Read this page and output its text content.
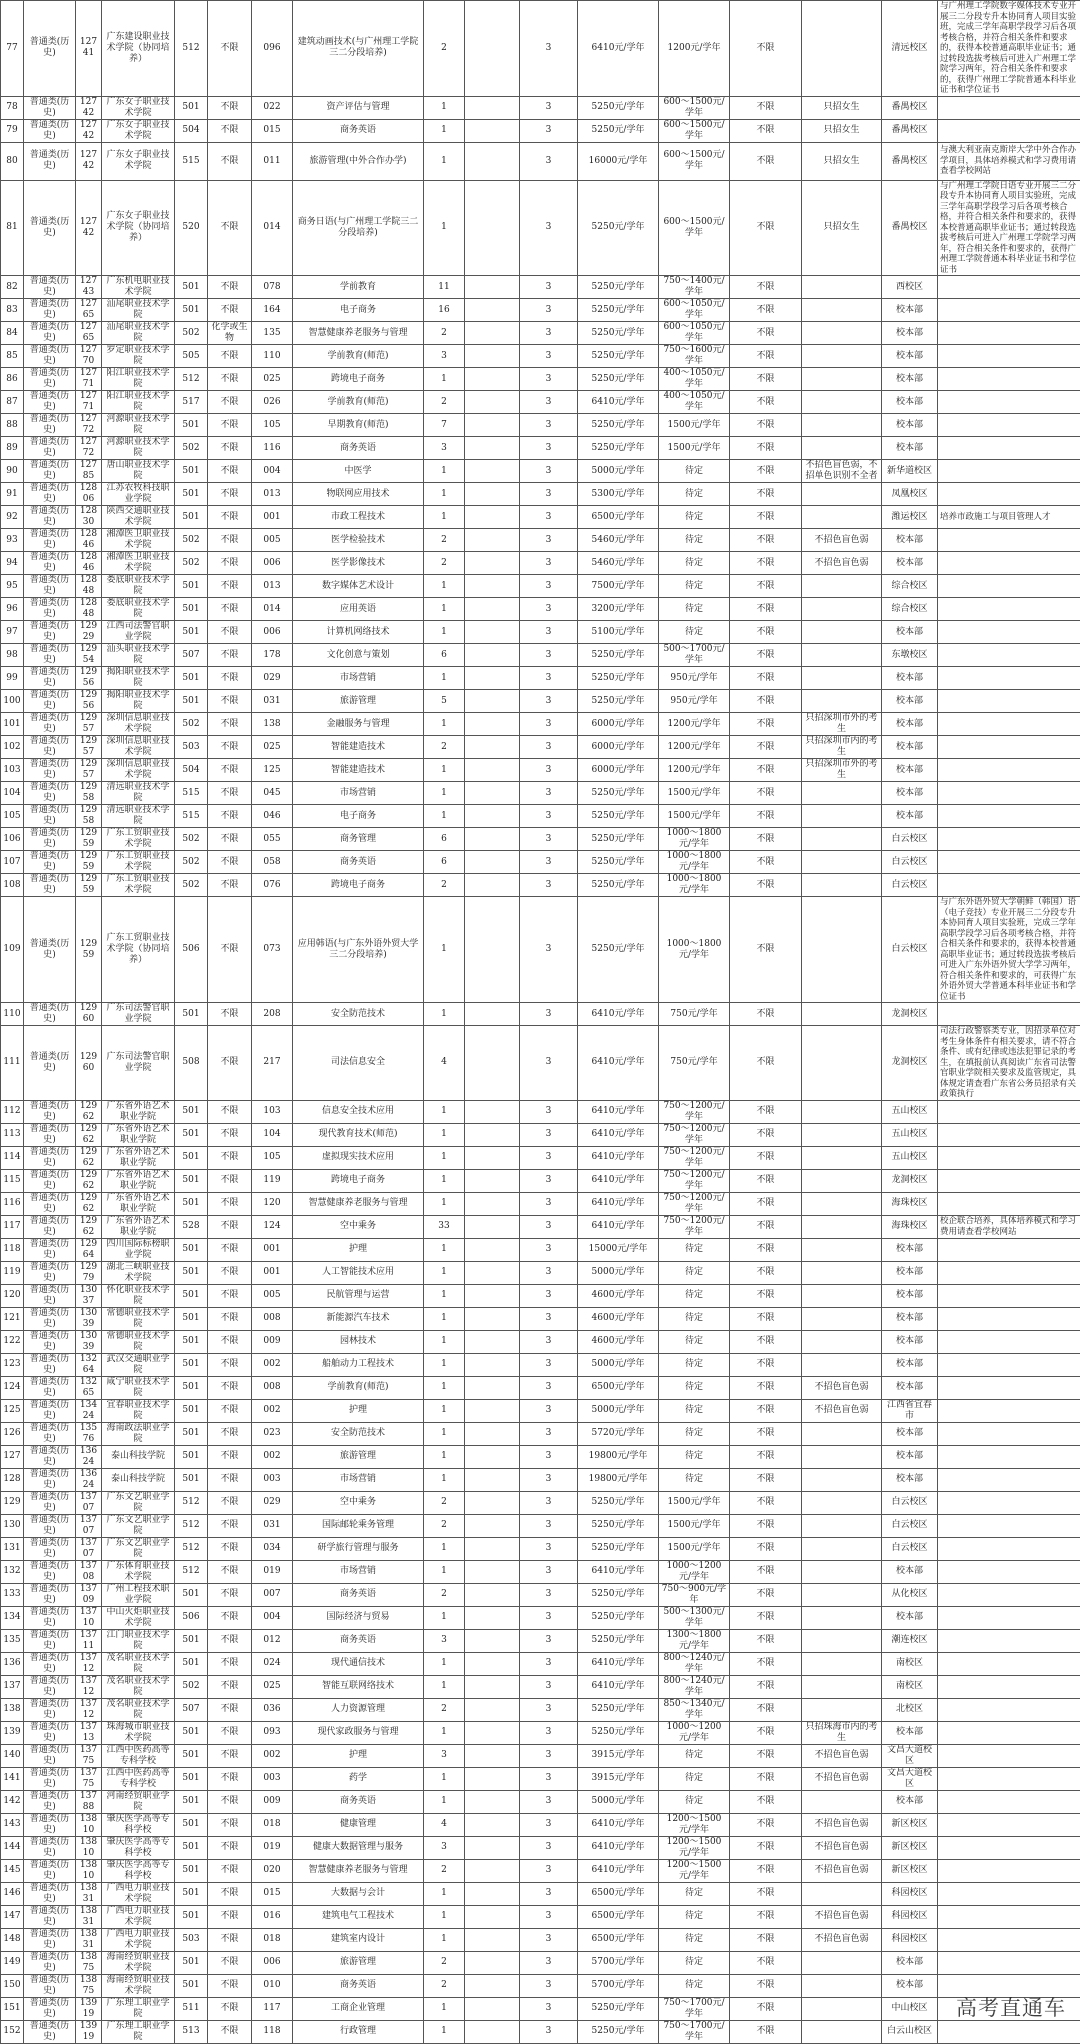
77	普通类(历史)	12741	广东建设职业技术学院（协同培养）	512	不限	096	建筑动画技术(与广州理工学院三二分段培养)	2		3	6410元/学年	1200元/学年	不限		清远校区	与广州理工学院数字媒体技术专业开展三二分段专升本协同育人项目实验班，完成三学年高职学段学习后各项考核合格，并符合相关条件和要求的，获得本校普通高职毕业证书；通过转段选拔考核后可进入广州理工学院学习两年，符合相关条件和要求的，获得广州理工学院普通本科毕业证书和学位证书
78	普通类(历史)	12742	广东女子职业技术学院	501	不限	022	资产评估与管理	1		3	5250元/学年	600～1500元/学年	不限	只招女生	番禺校区	
79	普通类(历史)	12742	广东女子职业技术学院	504	不限	015	商务英语	1		3	5250元/学年	600～1500元/学年	不限	只招女生	番禺校区	
80	普通类(历史)	12742	广东女子职业技术学院	515	不限	011	旅游管理(中外合作办学)	1		3	16000元/学年	600～1500元/学年	不限	只招女生	番禺校区	与澳大利亚南克斯岸大学中外合作办学项目，具体培养模式和学习费用请查看学校网站
81	普通类(历史)	12742	广东女子职业技术学院（协同培养）	520	不限	014	商务日语(与广州理工学院三二分段培养)	1		3	5250元/学年	600～1500元/学年	不限	只招女生	番禺校区	与广州理工学院日语专业开展三二分段专升本协同育人项目实验班，完成三学年高职学段学习后各项考核合格，并符合相关条件和要求的，获得本校普通高职毕业证书；通过转段选拔考核后可进入广州理工学院学习两年，符合相关条件和要求的，获得广州理工学院普通本科毕业证书和学位证书
82	普通类(历史)	12743	广东机电职业技术学院	501	不限	078	学前教育	11		3	5250元/学年	750～1400元/学年	不限		西校区	
83	普通类(历史)	12765	汕尾职业技术学院	501	不限	164	电子商务	16		3	5250元/学年	600～1050元/学年	不限		校本部	
84	普通类(历史)	12765	汕尾职业技术学院	502	化学或生物	135	智慧健康养老服务与管理	2		3	5250元/学年	600～1050元/学年	不限		校本部	
85	普通类(历史)	12770	罗定职业技术学院	505	不限	110	学前教育(师范)	3		3	5250元/学年	750～1600元/学年	不限		校本部	
86	普通类(历史)	12771	阳江职业技术学院	512	不限	025	跨境电子商务	1		3	5250元/学年	400～1050元/学年	不限		校本部	
87	普通类(历史)	12771	阳江职业技术学院	517	不限	026	学前教育(师范)	2		3	6410元/学年	400～1050元/学年	不限		校本部	
88	普通类(历史)	12772	河源职业技术学院	501	不限	105	早期教育(师范)	7		3	5250元/学年	1500元/学年	不限		校本部	
89	普通类(历史)	12772	河源职业技术学院	502	不限	116	商务英语	3		3	5250元/学年	1500元/学年	不限		校本部	
90	普通类(历史)	12785	唐山职业技术学院	501	不限	004	中医学	1		3	5000元/学年	待定	不限	不招色盲色弱，不招单色识别不全者	新华道校区	
91	普通类(历史)	12806	江苏农牧科技职业学院	501	不限	013	物联网应用技术	1		3	5300元/学年	待定	不限		凤凰校区	
92	普通类(历史)	12830	陕西交通职业技术学院	501	不限	001	市政工程技术	1		3	6500元/学年	待定	不限		潍运校区	培养市政施工与项目管理人才
93	普通类(历史)	12846	湘潭医卫职业技术学院	502	不限	005	医学检验技术	2		3	5460元/学年	待定	不限	不招色盲色弱	校本部	
94	普通类(历史)	12846	湘潭医卫职业技术学院	502	不限	006	医学影像技术	2		3	5460元/学年	待定	不限	不招色盲色弱	校本部	
95	普通类(历史)	12848	娄底职业技术学院	501	不限	013	数字媒体艺术设计	1		3	7500元/学年	待定	不限		综合校区	
96	普通类(历史)	12848	娄底职业技术学院	501	不限	014	应用英语	1		3	3200元/学年	待定	不限		综合校区	
97	普通类(历史)	12929	江西司法警官职业学院	501	不限	006	计算机网络技术	1		3	5100元/学年	待定	不限		校本部	
98	普通类(历史)	12954	汕头职业技术学院	507	不限	178	文化创意与策划	6		3	5250元/学年	500～1700元/学年	不限		东墩校区	
99	普通类(历史)	12956	揭阳职业技术学院	501	不限	029	市场营销	1		3	5250元/学年	950元/学年	不限		校本部	
100	普通类(历史)	12956	揭阳职业技术学院	501	不限	031	旅游管理	5		3	5250元/学年	950元/学年	不限		校本部	
101	普通类(历史)	12957	深圳信息职业技术学院	502	不限	138	金融服务与管理	1		3	6000元/学年	1200元/学年	不限	只招深圳市外的考生	校本部	
102	普通类(历史)	12957	深圳信息职业技术学院	503	不限	025	智能建造技术	2		3	6000元/学年	1200元/学年	不限	只招深圳市内的考生	校本部	
103	普通类(历史)	12957	深圳信息职业技术学院	504	不限	125	智能建造技术	1		3	6000元/学年	1200元/学年	不限	只招深圳市外的考生	校本部	
104	普通类(历史)	12958	清远职业技术学院	515	不限	045	市场营销	1		3	5250元/学年	1500元/学年	不限		校本部	
105	普通类(历史)	12958	清远职业技术学院	515	不限	046	电子商务	1		3	5250元/学年	1500元/学年	不限		校本部	
106	普通类(历史)	12959	广东工贸职业技术学院	502	不限	055	商务管理	6		3	5250元/学年	1000～1800元/学年	不限		白云校区	
107	普通类(历史)	12959	广东工贸职业技术学院	502	不限	058	商务英语	6		3	5250元/学年	1000～1800元/学年	不限		白云校区	
108	普通类(历史)	12959	广东工贸职业技术学院	502	不限	076	跨境电子商务	2		3	5250元/学年	1000～1800元/学年	不限		白云校区	
109	普通类(历史)	12959	广东工贸职业技术学院（协同培养）	506	不限	073	应用韩语(与广东外语外贸大学三二分段培养)	1		3	5250元/学年	1000～1800元/学年	不限		白云校区	与广东外语外贸大学朝鲜（韩国）语（电子竞技）专业开展三二分段专升本协同育人项目实验班，完成三学年高职学段学习后各项考核合格，并符合相关条件和要求的，获得本校普通高职毕业证书；通过转段选拔考核后可进入广东外语外贸大学学习两年，符合相关条件和要求的，可获得广东外语外贸大学普通本科毕业证书和学位证书
110	普通类(历史)	12960	广东司法警官职业学院	501	不限	208	安全防范技术	1		3	6410元/学年	750元/学年	不限		龙洞校区	
111	普通类(历史)	12960	广东司法警官职业学院	508	不限	217	司法信息安全	4		3	6410元/学年	750元/学年	不限		龙洞校区	司法行政警察类专业，因招录单位对考生身体条件有相关要求，请不符合条件、或有纪律或违法犯罪记录的考生，在填报前认真阅读广东省司法警官职业学院相关要求及监管规定，具体规定请查看广东省公务员招录有关政策执行
112	普通类(历史)	12962	广东省外语艺术职业学院	501	不限	103	信息安全技术应用	1		3	6410元/学年	750～1200元/学年	不限		五山校区	
113	普通类(历史)	12962	广东省外语艺术职业学院	501	不限	104	现代教育技术(师范)	1		3	6410元/学年	750～1200元/学年	不限		五山校区	
114	普通类(历史)	12962	广东省外语艺术职业学院	501	不限	105	虚拟现实技术应用	1		3	6410元/学年	750～1200元/学年	不限		五山校区	
115	普通类(历史)	12962	广东省外语艺术职业学院	501	不限	119	跨境电子商务	1		3	6410元/学年	750～1200元/学年	不限		龙洞校区	
116	普通类(历史)	12962	广东省外语艺术职业学院	501	不限	120	智慧健康养老服务与管理	1		3	6410元/学年	750～1200元/学年	不限		海珠校区	
117	普通类(历史)	12962	广东省外语艺术职业学院	528	不限	124	空中乘务	33		3	6410元/学年	750～1200元/学年	不限		海珠校区	校企联合培养，具体培养模式和学习费用请查看学校网站
118	普通类(历史)	12964	四川国际标榜职业学院	501	不限	001	护理	1		3	15000元/学年	待定	不限		校本部	
119	普通类(历史)	12979	湖北三峡职业技术学院	501	不限	001	人工智能技术应用	1		3	5000元/学年	待定	不限		校本部	
120	普通类(历史)	13037	怀化职业技术学院	501	不限	005	民航管理与运营	1		3	4600元/学年	待定	不限		校本部	
121	普通类(历史)	13039	常德职业技术学院	501	不限	008	新能源汽车技术	1		3	4600元/学年	待定	不限		校本部	
122	普通类(历史)	13039	常德职业技术学院	501	不限	009	园林技术	1		3	4600元/学年	待定	不限		校本部	
123	普通类(历史)	13264	武汉交通职业学院	501	不限	002	船舶动力工程技术	1		3	5000元/学年	待定	不限		校本部	
124	普通类(历史)	13265	咸宁职业技术学院	501	不限	008	学前教育(师范)	1		3	6500元/学年	待定	不限	不招色盲色弱	校本部	
125	普通类(历史)	13424	宜春职业技术学院	501	不限	002	护理	1		3	5000元/学年	待定	不限	不招色盲色弱	江西省宜春市	
126	普通类(历史)	13576	海南政法职业学院	501	不限	023	安全防范技术	1		3	5720元/学年	待定	不限		校本部	
127	普通类(历史)	13624	泰山科技学院	501	不限	002	旅游管理	1		3	19800元/学年	待定	不限		校本部	
128	普通类(历史)	13624	泰山科技学院	501	不限	003	市场营销	1		3	19800元/学年	待定	不限		校本部	
129	普通类(历史)	13707	广东文艺职业学院	512	不限	029	空中乘务	2		3	5250元/学年	1500元/学年	不限		白云校区	
130	普通类(历史)	13707	广东文艺职业学院	512	不限	031	国际邮轮乘务管理	2		3	5250元/学年	1500元/学年	不限		白云校区	
131	普通类(历史)	13707	广东文艺职业学院	512	不限	034	研学旅行管理与服务	1		3	5250元/学年	1500元/学年	不限		白云校区	
132	普通类(历史)	13708	广东体育职业技术学院	512	不限	019	市场营销	1		3	6410元/学年	1000～1200元/学年	不限		校本部	
133	普通类(历史)	13709	广州工程技术职业学院	501	不限	007	商务英语	2		3	5250元/学年	750～900元/学年	不限		从化校区	
134	普通类(历史)	13710	中山火炬职业技术学院	506	不限	004	国际经济与贸易	1		3	5250元/学年	500～1300元/学年	不限		校本部	
135	普通类(历史)	13711	江门职业技术学院	501	不限	012	商务英语	3		3	5250元/学年	1300～1800元/学年	不限		潮连校区	
136	普通类(历史)	13712	茂名职业技术学院	501	不限	024	现代通信技术	1		3	6410元/学年	800～1240元/学年	不限		南校区	
137	普通类(历史)	13712	茂名职业技术学院	502	不限	025	智能互联网络技术	1		3	6410元/学年	800～1240元/学年	不限		南校区	
138	普通类(历史)	13712	茂名职业技术学院	507	不限	036	人力资源管理	2		3	5250元/学年	850～1340元/学年	不限		北校区	
139	普通类(历史)	13713	珠海城市职业技术学院	501	不限	093	现代家政服务与管理	1		3	5250元/学年	1000～1200元/学年	不限	只招珠海市内的考生	校本部	
140	普通类(历史)	13775	江西中医药高等专科学校	501	不限	002	护理	3		3	3915元/学年	待定	不限	不招色盲色弱	文昌大道校区	
141	普通类(历史)	13775	江西中医药高等专科学校	501	不限	003	药学	1		3	3915元/学年	待定	不限	不招色盲色弱	文昌大道校区	
142	普通类(历史)	13788	河南经贸职业学院	501	不限	009	商务英语	1		3	5000元/学年	待定	不限		校本部	
143	普通类(历史)	13810	肇庆医学高等专科学校	501	不限	018	健康管理	4		3	6410元/学年	1200～1500元/学年	不限	不招色盲色弱	新区校区	
144	普通类(历史)	13810	肇庆医学高等专科学校	501	不限	019	健康大数据管理与服务	3		3	6410元/学年	1200～1500元/学年	不限	不招色盲色弱	新区校区	
145	普通类(历史)	13810	肇庆医学高等专科学校	501	不限	020	智慧健康养老服务与管理	2		3	6410元/学年	1200～1500元/学年	不限	不招色盲色弱	新区校区	
146	普通类(历史)	13831	广西电力职业技术学院	501	不限	015	大数据与会计	1		3	6500元/学年	待定	不限		科园校区	
147	普通类(历史)	13831	广西电力职业技术学院	501	不限	016	建筑电气工程技术	1		3	6500元/学年	待定	不限	不招色盲色弱	科园校区	
148	普通类(历史)	13831	广西电力职业技术学院	503	不限	018	建筑室内设计	1		3	6500元/学年	待定	不限	不招色盲色弱	科园校区	
149	普通类(历史)	13875	海南经贸职业技术学院	501	不限	006	旅游管理	2		3	5700元/学年	待定	不限		校本部	
150	普通类(历史)	13875	海南经贸职业技术学院	501	不限	010	商务英语	2		3	5700元/学年	待定	不限		校本部	
151	普通类(历史)	13919	广东理工职业学院	511	不限	117	工商企业管理	1		3	5250元/学年	750～1700元/学年	不限		中山校区	
152	普通类(历史)	13919	广东理工职业学院	513	不限	118	行政管理	1		3	5250元/学年	750～1700元/学年	不限		白云山校区	
高考直通车
